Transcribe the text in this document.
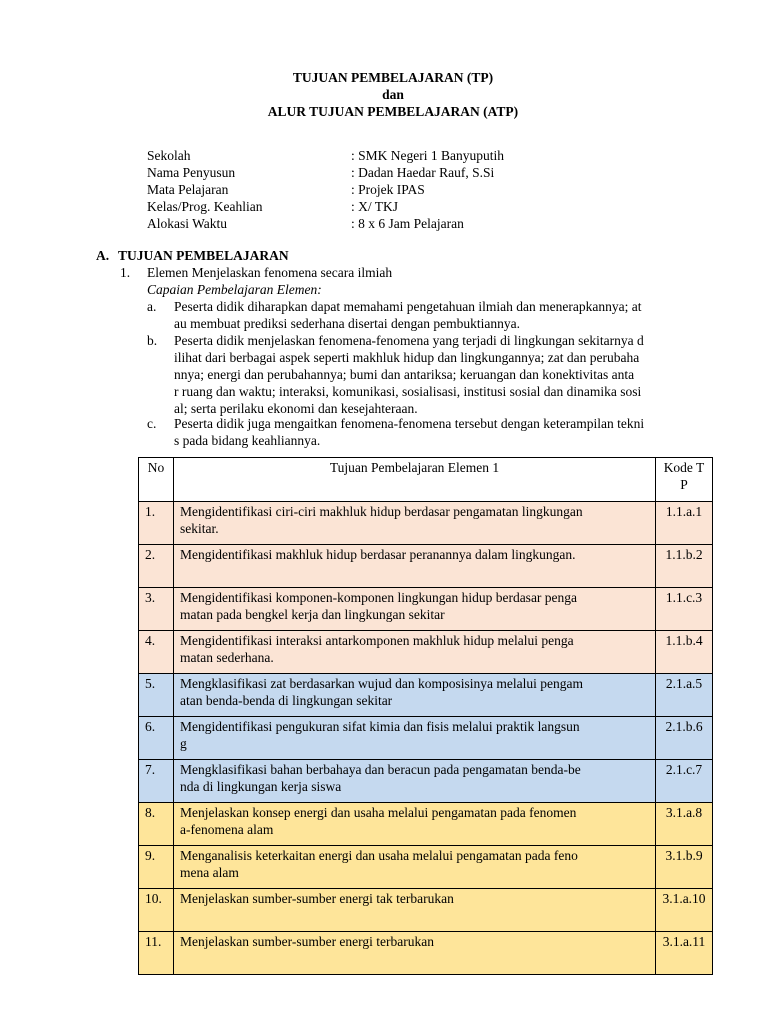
TUJUAN PEMBELAJARAN (TP)
dan
ALUR TUJUAN PEMBELAJARAN (ATP)
Sekolah	: SMK Negeri 1 Banyuputih
Nama Penyusun	: Dadan Haedar Rauf, S.Si
Mata Pelajaran	: Projek IPAS
Kelas/Prog. Keahlian	: X/ TKJ
Alokasi Waktu	: 8 x 6 Jam Pelajaran
A. TUJUAN PEMBELAJARAN
1. Elemen Menjelaskan fenomena secara ilmiah
Capaian Pembelajaran Elemen:
a. Peserta didik diharapkan dapat memahami pengetahuan ilmiah dan menerapkannya; at
au membuat prediksi sederhana disertai dengan pembuktiannya.
b. Peserta didik menjelaskan fenomena-fenomena yang terjadi di lingkungan sekitarnya d
ilihat dari berbagai aspek seperti makhluk hidup dan lingkungannya; zat dan perubaha
nnya; energi dan perubahannya; bumi dan antariksa; keruangan dan konektivitas anta
r ruang dan waktu; interaksi, komunikasi, sosialisasi, institusi sosial dan dinamika sosi
al; serta perilaku ekonomi dan kesejahteraan.
c. Peserta didik juga mengaitkan fenomena-fenomena tersebut dengan keterampilan tekni
s pada bidang keahliannya.
No	Tujuan Pembelajaran Elemen 1	Kode T
P
1.	Mengidentifikasi ciri-ciri makhluk hidup berdasar pengamatan lingkungan
sekitar.	1.1.a.1
2.	Mengidentifikasi makhluk hidup berdasar peranannya dalam lingkungan.	1.1.b.2
3.	Mengidentifikasi komponen-komponen lingkungan hidup berdasar penga
matan pada bengkel kerja dan lingkungan sekitar	1.1.c.3
4.	Mengidentifikasi interaksi antarkomponen makhluk hidup melalui penga
matan sederhana.	1.1.b.4
5.	Mengklasifikasi zat berdasarkan wujud dan komposisinya melalui pengam
atan benda-benda di lingkungan sekitar	2.1.a.5
6.	Mengidentifikasi pengukuran sifat kimia dan fisis melalui praktik langsun
g	2.1.b.6
7.	Mengklasifikasi bahan berbahaya dan beracun pada pengamatan benda-be
nda di lingkungan kerja siswa	2.1.c.7
8.	Menjelaskan konsep energi dan usaha melalui pengamatan pada fenomen
a-fenomena alam	3.1.a.8
9.	Menganalisis keterkaitan energi dan usaha melalui pengamatan pada feno
mena alam	3.1.b.9
10.	Menjelaskan sumber-sumber energi tak terbarukan	3.1.a.10
11.	Menjelaskan sumber-sumber energi terbarukan	3.1.a.11
